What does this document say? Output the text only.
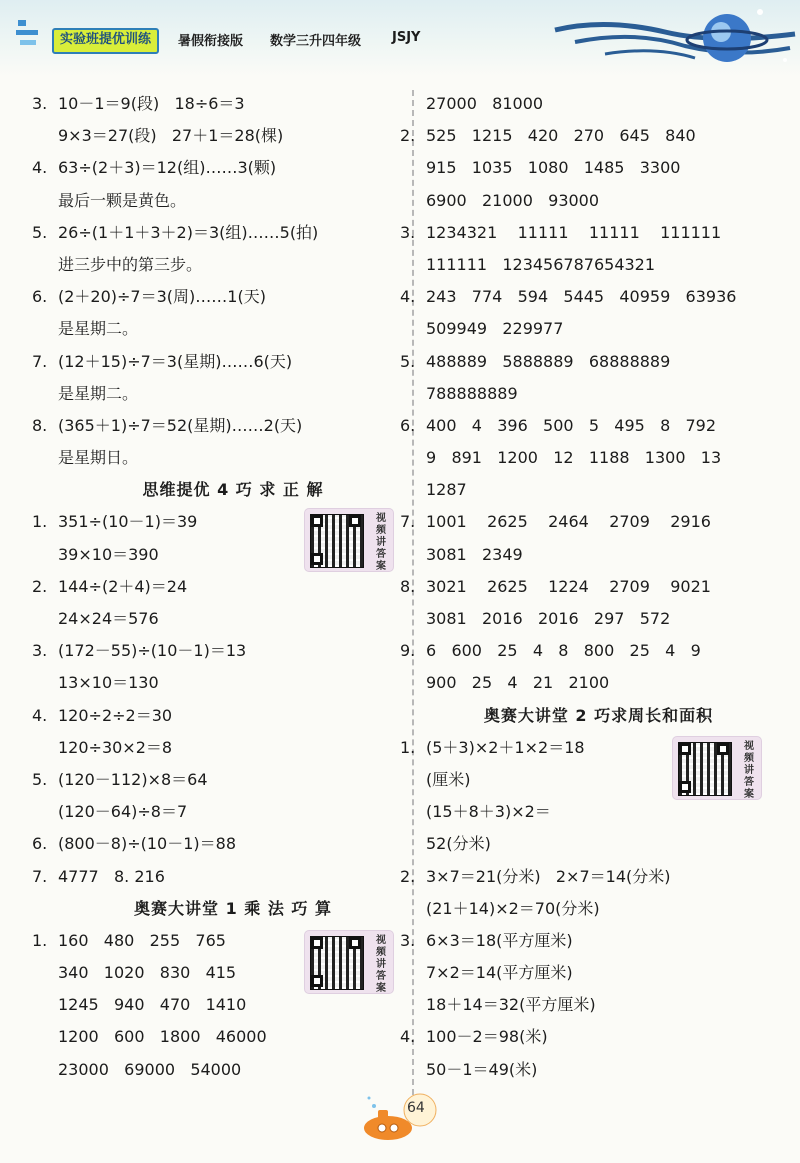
实验班提优训练	暑假衔接版 数学三升四年级 JSJY
3. 10－1＝9(段)   18÷6＝3
9×3＝27(段)   27＋1＝28(棵)
4. 63÷(2＋3)＝12(组)……3(颗)
最后一颗是黄色。
5. 26÷(1＋1＋3＋2)＝3(组)……5(拍)
进三步中的第三步。
6. (2＋20)÷7＝3(周)……1(天)
是星期二。
7. (12＋15)÷7＝3(星期)……6(天)
是星期二。
8. (365＋1)÷7＝52(星期)……2(天)
是星期日。
思维提优 4 巧 求 正 解
1. 351÷(10－1)＝39
39×10＝390
2. 144÷(2＋4)＝24
24×24＝576
3. (172－55)÷(10－1)＝13
13×10＝130
4. 120÷2÷2＝30
120÷30×2＝8
5. (120－112)×8＝64
(120－64)÷8＝7
6. (800－8)÷(10－1)＝88
7. 4777   8. 216
奥赛大讲堂 1 乘 法 巧 算
1. 160   480   255   765
340   1020   830   415
1245   940   470   1410
1200   600   1800   46000
23000   69000   54000
27000   81000
2. 525   1215   420   270   645   840
915   1035   1080   1485   3300
6900   21000   93000
3. 1234321    11111    11111    111111
111111   123456787654321
4. 243   774   594   5445   40959   63936
509949   229977
5. 488889   5888889   68888889
788888889
6. 400   4   396   500   5   495   8   792
9   891   1200   12   1188   1300   13
1287
7. 1001    2625    2464    2709    2916
3081   2349
8. 3021    2625    1224    2709    9021
3081   2016   2016   297   572
9. 6   600   25   4   8   800   25   4   9
900   25   4   21   2100
奥赛大讲堂 2 巧求周长和面积
1. (5＋3)×2＋1×2＝18
(厘米)
(15＋8＋3)×2＝
52(分米)
2. 3×7＝21(分米)   2×7＝14(分米)
(21＋14)×2＝70(分米)
3. 6×3＝18(平方厘米)
7×2＝14(平方厘米)
18＋14＝32(平方厘米)
4. 100－2＝98(米)
50－1＝49(米)
视频讲答案
视频讲答案
视频讲答案
64
